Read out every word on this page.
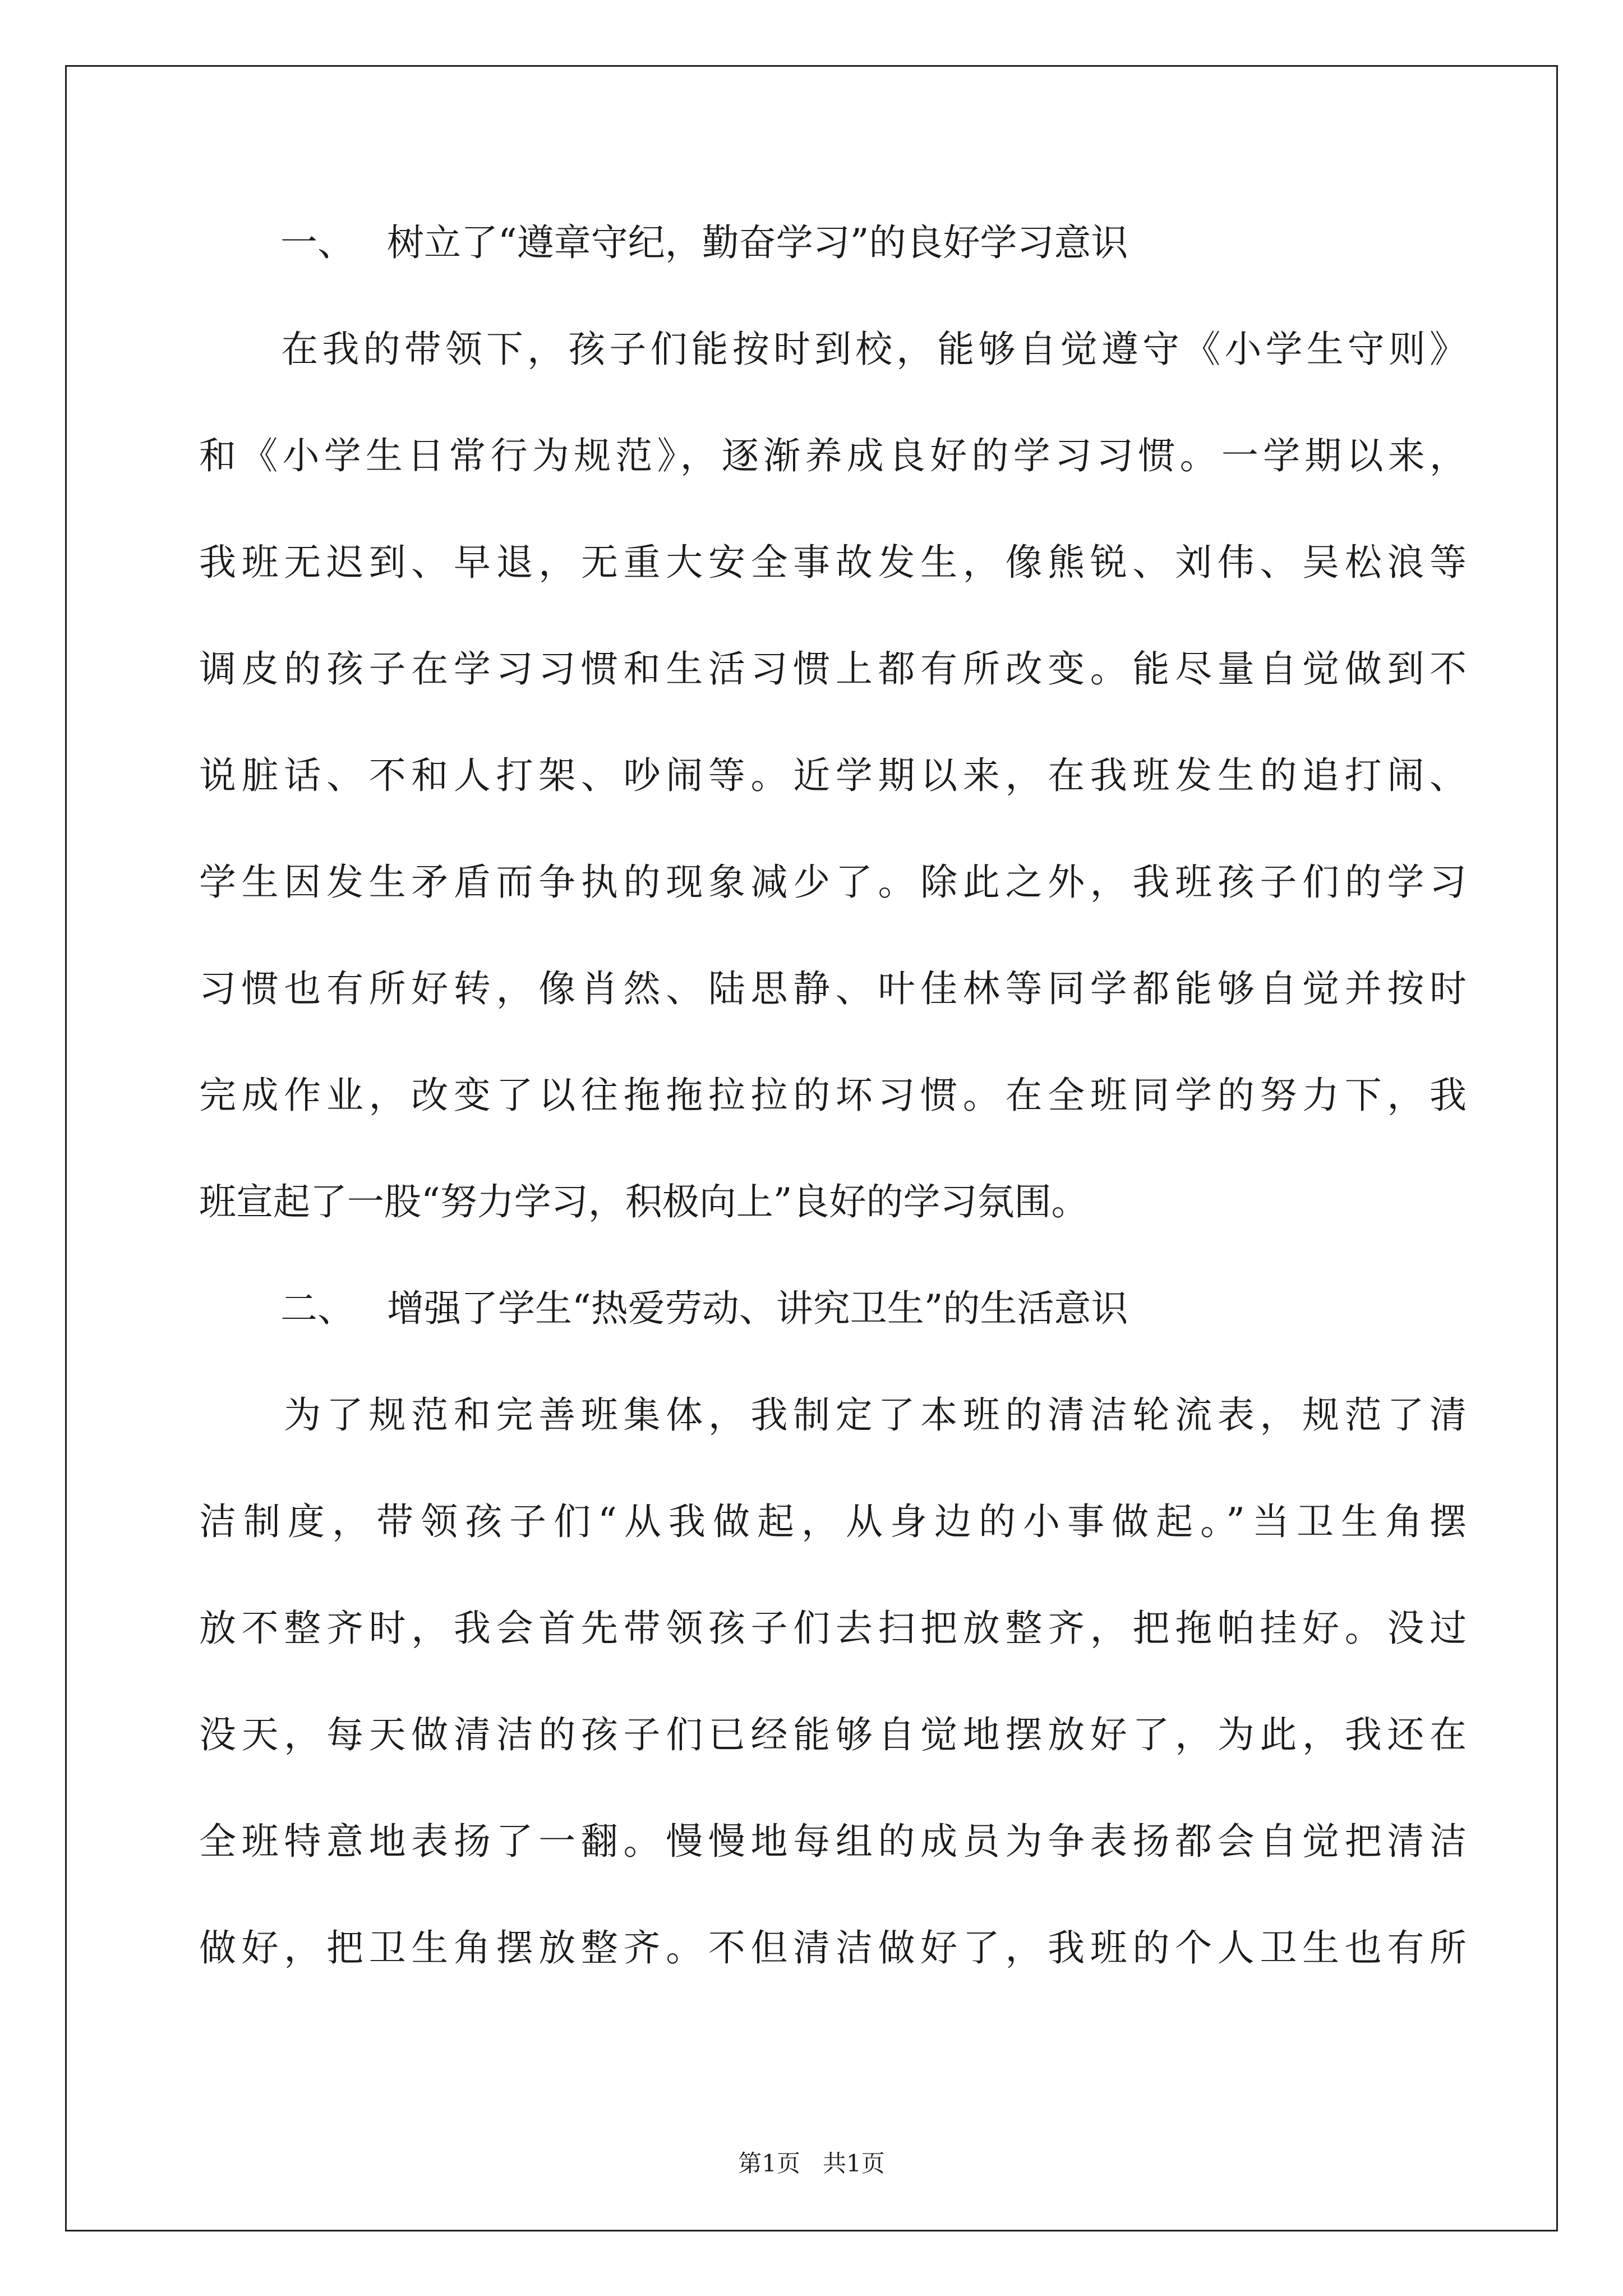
一、 树立了“遵章守纪，勤奋学习”的良好学习意识
　　在我的带领下，孩子们能按时到校，能够自觉遵守《小学生守则》
和《小学生日常行为规范》，逐渐养成良好的学习习惯。一学期以来，
我班无迟到、早退，无重大安全事故发生，像熊锐、刘伟、吴松浪等
调皮的孩子在学习习惯和生活习惯上都有所改变。能尽量自觉做到不
说脏话、不和人打架、吵闹等。近学期以来，在我班发生的追打闹、
学生因发生矛盾而争执的现象减少了。除此之外，我班孩子们的学习
习惯也有所好转，像肖然、陆思静、叶佳林等同学都能够自觉并按时
完成作业，改变了以往拖拖拉拉的坏习惯。在全班同学的努力下，我
班宣起了一股“努力学习，积极向上”良好的学习氛围。
二、 增强了学生“热爱劳动、讲究卫生”的生活意识
　　为了规范和完善班集体，我制定了本班的清洁轮流表，规范了清
洁制度，带领孩子们“从我做起，从身边的小事做起。”当卫生角摆
放不整齐时，我会首先带领孩子们去扫把放整齐，把拖帕挂好。没过
没天，每天做清洁的孩子们已经能够自觉地摆放好了，为此，我还在
全班特意地表扬了一翻。慢慢地每组的成员为争表扬都会自觉把清洁
做好，把卫生角摆放整齐。不但清洁做好了，我班的个人卫生也有所
第1页 共1页
